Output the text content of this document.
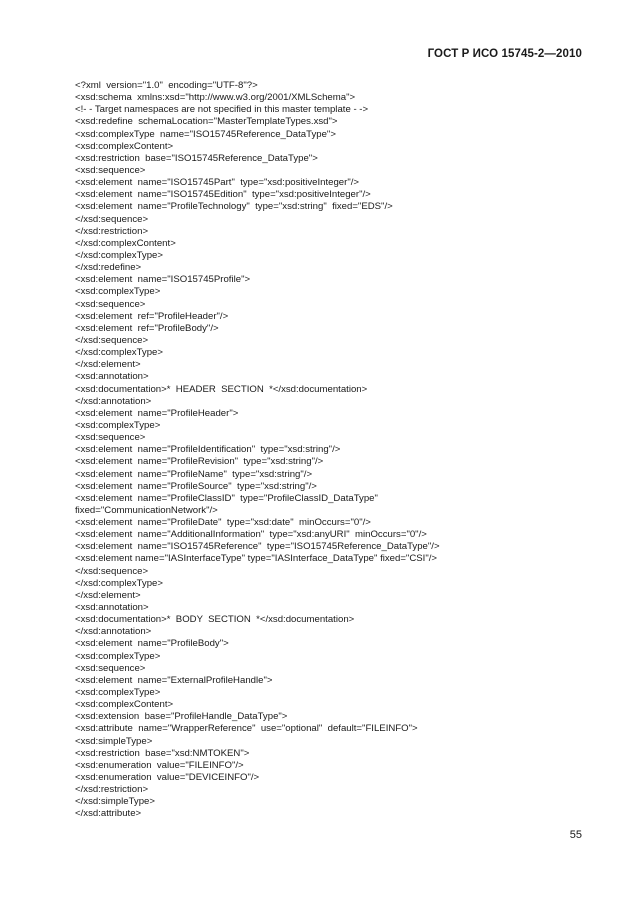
ГОСТ Р ИСО 15745-2—2010
<?xml  version="1.0"  encoding="UTF-8"?>
<xsd:schema  xmlns:xsd="http://www.w3.org/2001/XMLSchema">
<!- - Target namespaces are not specified in this master template - ->
<xsd:redefine  schemaLocation="MasterTemplateTypes.xsd">
<xsd:complexType  name="ISO15745Reference_DataType">
<xsd:complexContent>
<xsd:restriction  base="ISO15745Reference_DataType">
<xsd:sequence>
<xsd:element  name="ISO15745Part"  type="xsd:positiveInteger"/>
<xsd:element  name="ISO15745Edition"  type="xsd:positiveInteger"/>
<xsd:element  name="ProfileTechnology"  type="xsd:string"  fixed="EDS"/>
</xsd:sequence>
</xsd:restriction>
</xsd:complexContent>
</xsd:complexType>
</xsd:redefine>
<xsd:element  name="ISO15745Profile">
<xsd:complexType>
<xsd:sequence>
<xsd:element  ref="ProfileHeader"/>
<xsd:element  ref="ProfileBody"/>
</xsd:sequence>
</xsd:complexType>
</xsd:element>
<xsd:annotation>
<xsd:documentation>*  HEADER  SECTION  *</xsd:documentation>
</xsd:annotation>
<xsd:element  name="ProfileHeader">
<xsd:complexType>
<xsd:sequence>
<xsd:element  name="ProfileIdentification"  type="xsd:string"/>
<xsd:element  name="ProfileRevision"  type="xsd:string"/>
<xsd:element  name="ProfileName"  type="xsd:string"/>
<xsd:element  name="ProfileSource"  type="xsd:string"/>
<xsd:element  name="ProfileClassID"  type="ProfileClassID_DataType"
fixed="CommunicationNetwork"/>
<xsd:element  name="ProfileDate"  type="xsd:date"  minOccurs="0"/>
<xsd:element  name="AdditionalInformation"  type="xsd:anyURI"  minOccurs="0"/>
<xsd:element  name="ISO15745Reference"  type="ISO15745Reference_DataType"/>
<xsd:element name="IASInterfaceType" type="IASInterface_DataType" fixed="CSI"/>
</xsd:sequence>
</xsd:complexType>
</xsd:element>
<xsd:annotation>
<xsd:documentation>*  BODY  SECTION  *</xsd:documentation>
</xsd:annotation>
<xsd:element  name="ProfileBody">
<xsd:complexType>
<xsd:sequence>
<xsd:element  name="ExternalProfileHandle">
<xsd:complexType>
<xsd:complexContent>
<xsd:extension  base="ProfileHandle_DataType">
<xsd:attribute  name="WrapperReference"  use="optional"  default="FILEINFO">
<xsd:simpleType>
<xsd:restriction  base="xsd:NMTOKEN">
<xsd:enumeration  value="FILEINFO"/>
<xsd:enumeration  value="DEVICEINFO"/>
</xsd:restriction>
</xsd:simpleType>
</xsd:attribute>
55
